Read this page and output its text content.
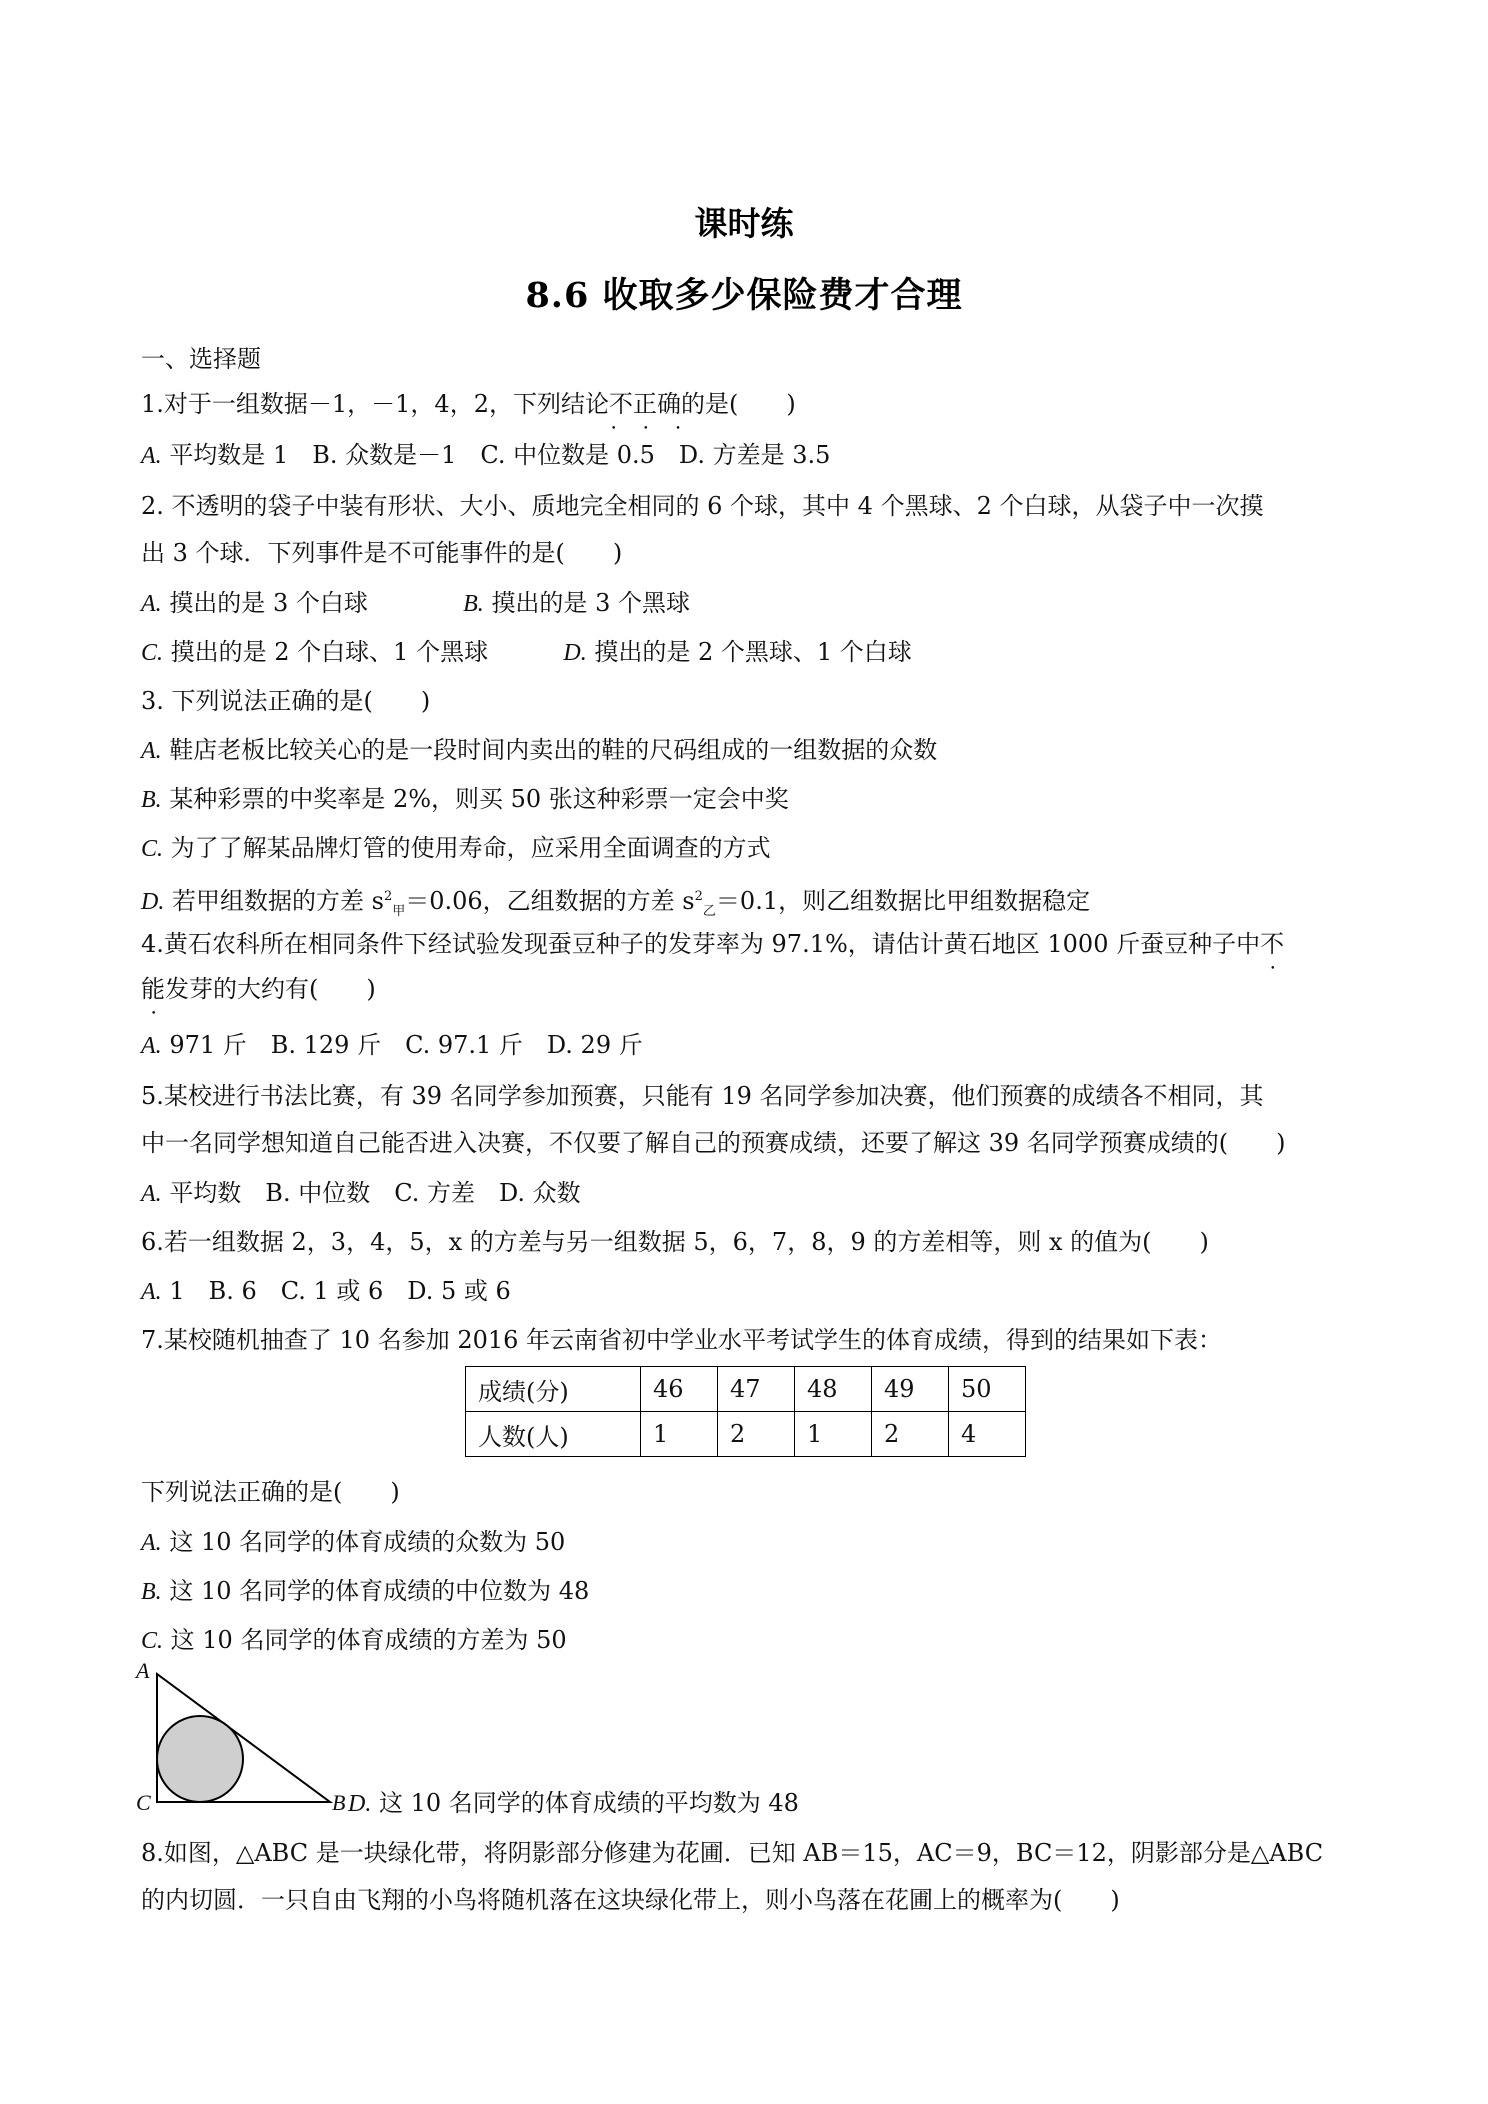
课时练
8.6 收取多少保险费才合理
一、选择题
1.对于一组数据－1，－1，4，2，下列结论不正确 • • •的是(　　)
A. 平均数是 1　B. 众数是－1　C. 中位数是 0.5　D. 方差是 3.5
2. 不透明的袋子中装有形状、大小、质地完全相同的 6 个球，其中 4 个黑球、2 个白球，从袋子中一次摸
出 3 个球．下列事件是不可能事件的是(　　)
A. 摸出的是 3 个白球	B. 摸出的是 3 个黑球
C. 摸出的是 2 个白球、1 个黑球	D. 摸出的是 2 个黑球、1 个白球
3. 下列说法正确的是(　　)
A. 鞋店老板比较关心的是一段时间内卖出的鞋的尺码组成的一组数据的众数
B. 某种彩票的中奖率是 2%，则买 50 张这种彩票一定会中奖
C. 为了了解某品牌灯管的使用寿命，应采用全面调查的方式
D. 若甲组数据的方差 $s^2_甲=0.06$，乙组数据的方差 $s^2_乙=0.1$，则乙组数据比甲组数据稳定
4.黄石农科所在相同条件下经试验发现蚕豆种子的发芽率为 97.1%，请估计黄石地区 1000 斤蚕豆种子中不
能发芽的大约有(　　)
A. 971 斤　B. 129 斤　C. 97.1 斤　D. 29 斤
5.某校进行书法比赛，有 39 名同学参加预赛，只能有 19 名同学参加决赛，他们预赛的成绩各不相同，其
中一名同学想知道自己能否进入决赛，不仅要了解自己的预赛成绩，还要了解这 39 名同学预赛成绩的(　　)
A. 平均数　B. 中位数　C. 方差　D. 众数
6.若一组数据 2，3，4，5，x 的方差与另一组数据 5，6，7，8，9 的方差相等，则 x 的值为(　　)
A. 1　B. 6　C. 1 或 6　D. 5 或 6
7.某校随机抽查了 10 名参加 2016 年云南省初中学业水平考试学生的体育成绩，得到的结果如下表：
成绩(分)	46	47	48	49	50
人数(人)	1	2	1	2	4
下列说法正确的是(　　)
A. 这 10 名同学的体育成绩的众数为 50
B. 这 10 名同学的体育成绩的中位数为 48
C. 这 10 名同学的体育成绩的方差为 50
A
C	B D. 这 10 名同学的体育成绩的平均数为 48
8.如图，△ABC 是一块绿化带，将阴影部分修建为花圃．已知 AB＝15，AC＝9，BC＝12，阴影部分是△ABC
的内切圆．一只自由飞翔的小鸟将随机落在这块绿化带上，则小鸟落在花圃上的概率为(　　)
